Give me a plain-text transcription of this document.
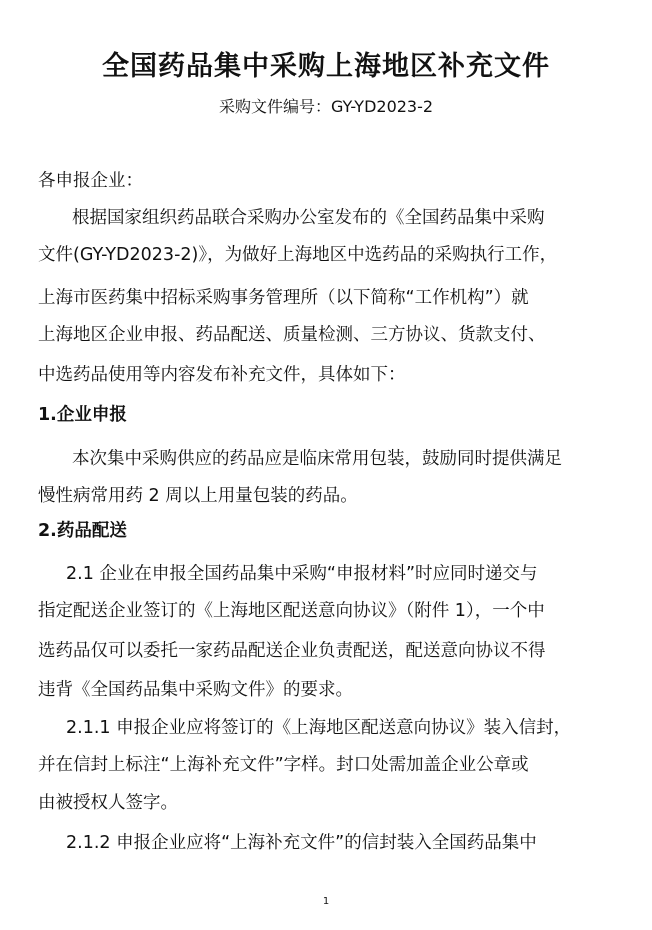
全国药品集中采购上海地区补充文件
采购文件编号：GY-YD2023-2
各申报企业：
根据国家组织药品联合采购办公室发布的《全国药品集中采购
文件(GY-YD2023-2)》，为做好上海地区中选药品的采购执行工作，
上海市医药集中招标采购事务管理所（以下简称“工作机构”）就
上海地区企业申报、药品配送、质量检测、三方协议、货款支付、
中选药品使用等内容发布补充文件，具体如下：
1.企业申报
本次集中采购供应的药品应是临床常用包装，鼓励同时提供满足
慢性病常用药 2 周以上用量包装的药品。
2.药品配送
2.1 企业在申报全国药品集中采购“申报材料”时应同时递交与
指定配送企业签订的《上海地区配送意向协议》（附件 1），一个中
选药品仅可以委托一家药品配送企业负责配送，配送意向协议不得
违背《全国药品集中采购文件》的要求。
2.1.1 申报企业应将签订的《上海地区配送意向协议》装入信封，
并在信封上标注“上海补充文件”字样。封口处需加盖企业公章或
由被授权人签字。
2.1.2 申报企业应将“上海补充文件”的信封装入全国药品集中
1
